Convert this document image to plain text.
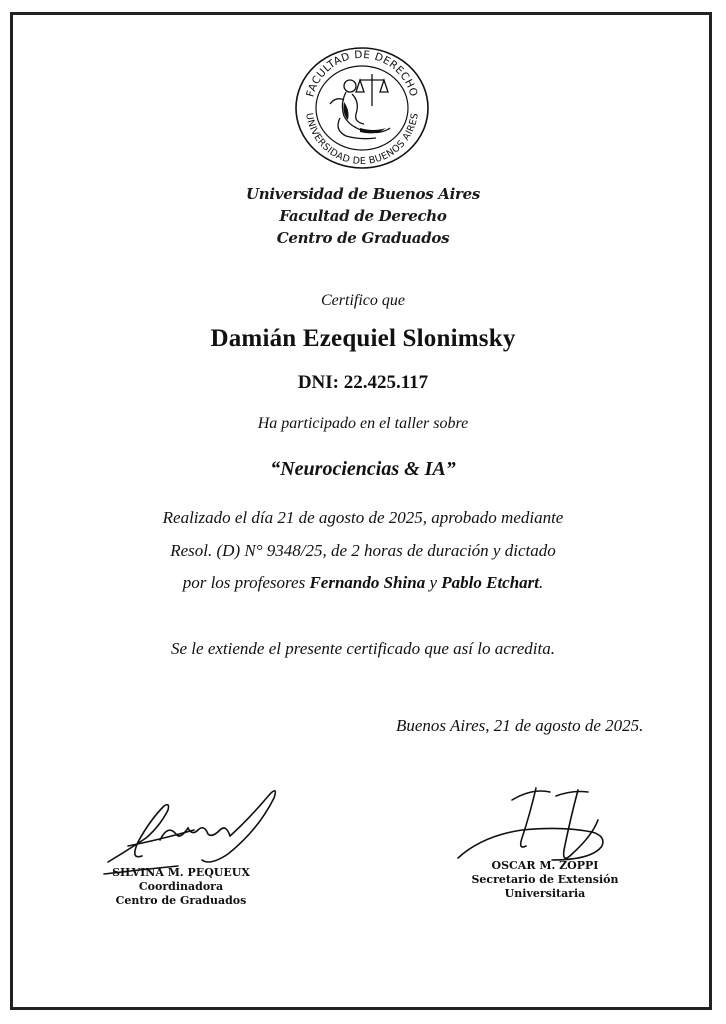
FACULTAD DE DERECHO
UNIVERSIDAD DE BUENOS AIRES
Universidad de Buenos Aires
Facultad de Derecho
Centro de Graduados
Certifico que
Damián Ezequiel Slonimsky
DNI: 22.425.117
Ha participado en el taller sobre
“Neurociencias & IA”
Realizado el día 21 de agosto de 2025, aprobado mediante
Resol. (D) N° 9348/25, de 2 horas de duración y dictado
por los profesores Fernando Shina y Pablo Etchart.
Se le extiende el presente certificado que así lo acredita.
Buenos Aires, 21 de agosto de 2025.
SILVINA M. PEQUEUX
Coordinadora
Centro de Graduados
OSCAR M. ZOPPI
Secretario de Extensión
Universitaria
